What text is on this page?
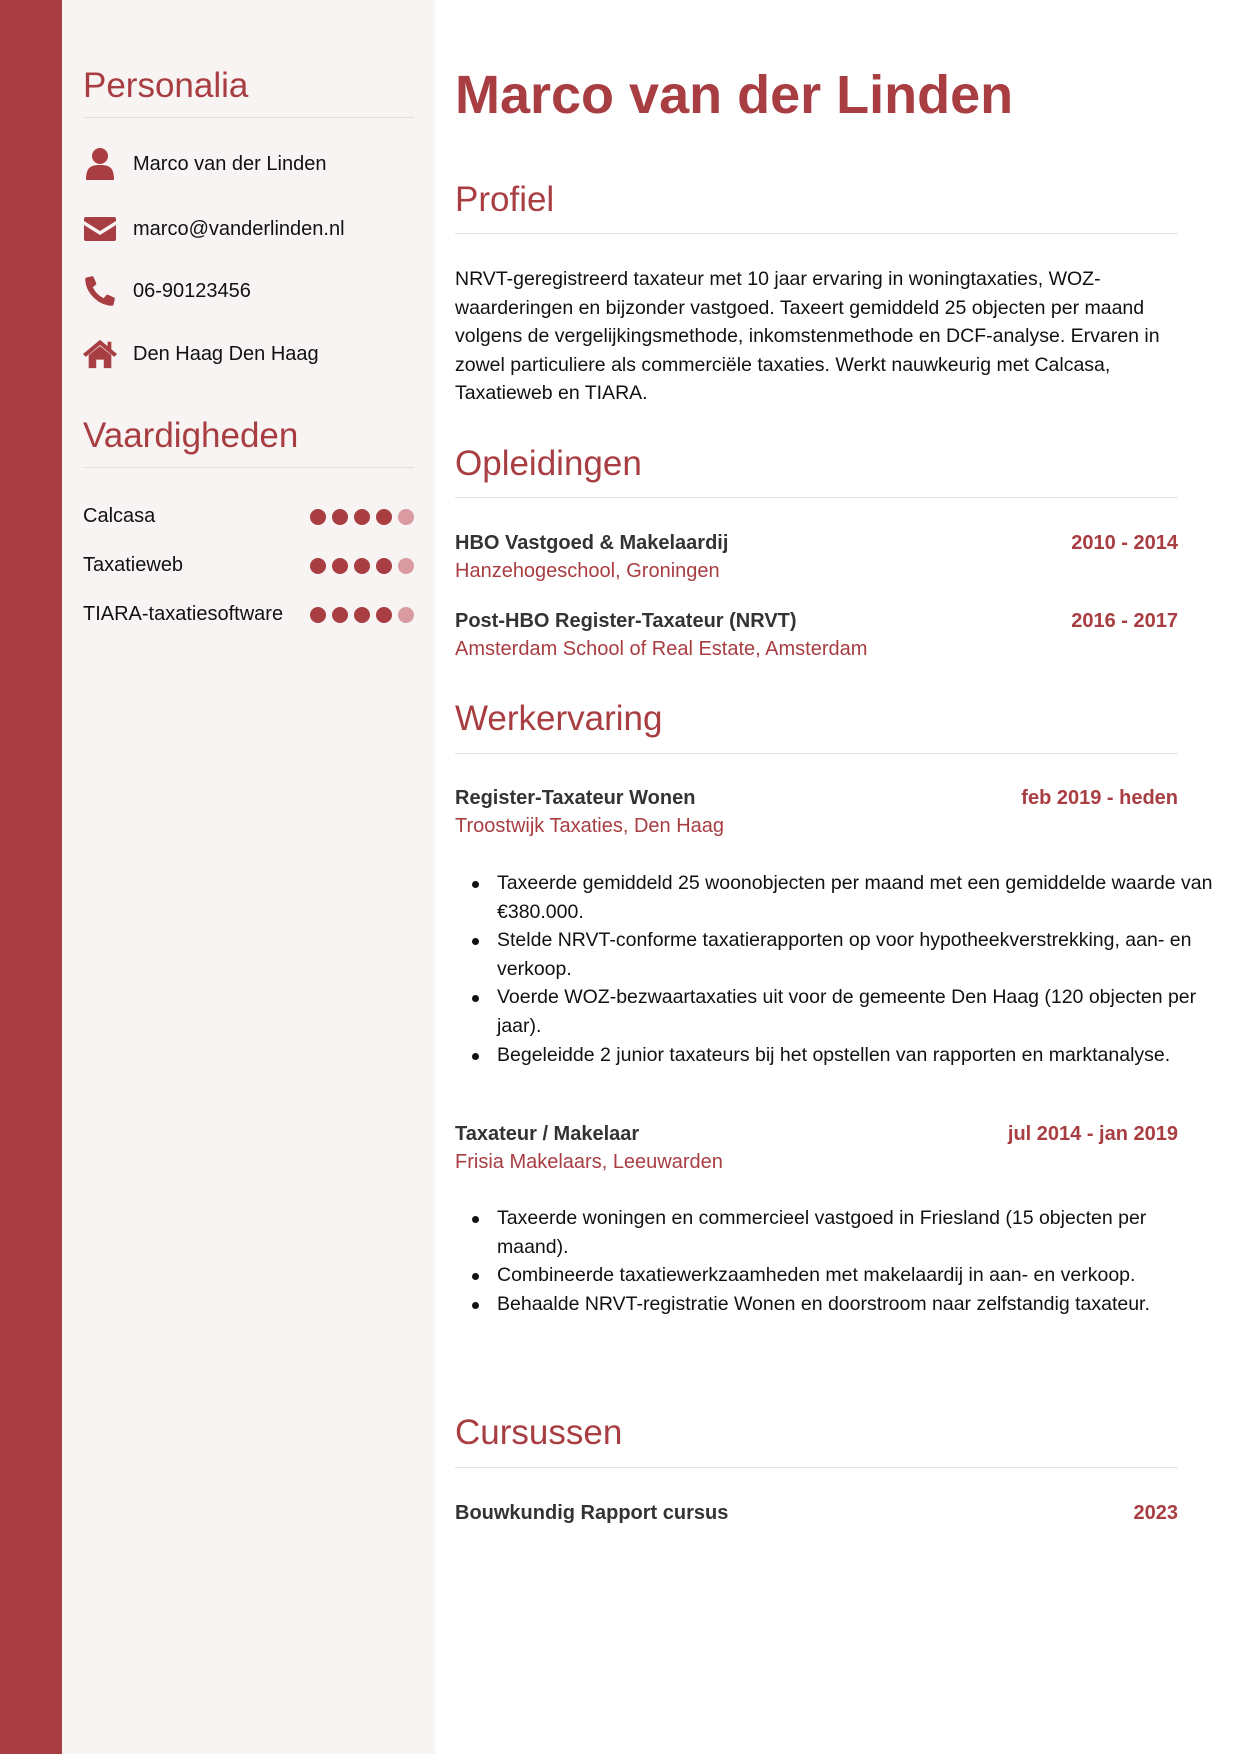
Personalia
Marco van der Linden
marco@vanderlinden.nl
06-90123456
Den Haag Den Haag
Vaardigheden
Calcasa
Taxatieweb
TIARA-taxatiesoftware
Marco van der Linden
Profiel

NRVT-geregistreerd taxateur met 10 jaar ervaring in woningtaxaties, WOZ-waarderingen en bijzonder vastgoed. Taxeert gemiddeld 25 objecten per maand volgens de vergelijkingsmethode, inkomstenmethode en DCF-analyse. Ervaren in zowel particuliere als commerciële taxaties. Werkt nauwkeurig met Calcasa, Taxatieweb en TIARA.

Opleidingen
HBO Vastgoed & Makelaardij	2010 - 2014
Hanzehogeschool, Groningen
Post-HBO Register-Taxateur (NRVT)	2016 - 2017
Amsterdam School of Real Estate, Amsterdam
Werkervaring
Register-Taxateur Wonen	feb 2019 - heden
Troostwijk Taxaties, Den Haag
Taxeerde gemiddeld 25 woonobjecten per maand met een gemiddelde waarde van €380.000.
Stelde NRVT-conforme taxatierapporten op voor hypotheekverstrekking, aan- en verkoop.
Voerde WOZ-bezwaartaxaties uit voor de gemeente Den Haag (120 objecten per jaar).
Begeleidde 2 junior taxateurs bij het opstellen van rapporten en marktanalyse.
Taxateur / Makelaar	jul 2014 - jan 2019
Frisia Makelaars, Leeuwarden
Taxeerde woningen en commercieel vastgoed in Friesland (15 objecten per maand).
Combineerde taxatiewerkzaamheden met makelaardij in aan- en verkoop.
Behaalde NRVT-registratie Wonen en doorstroom naar zelfstandig taxateur.
Cursussen
Bouwkundig Rapport cursus	2023
